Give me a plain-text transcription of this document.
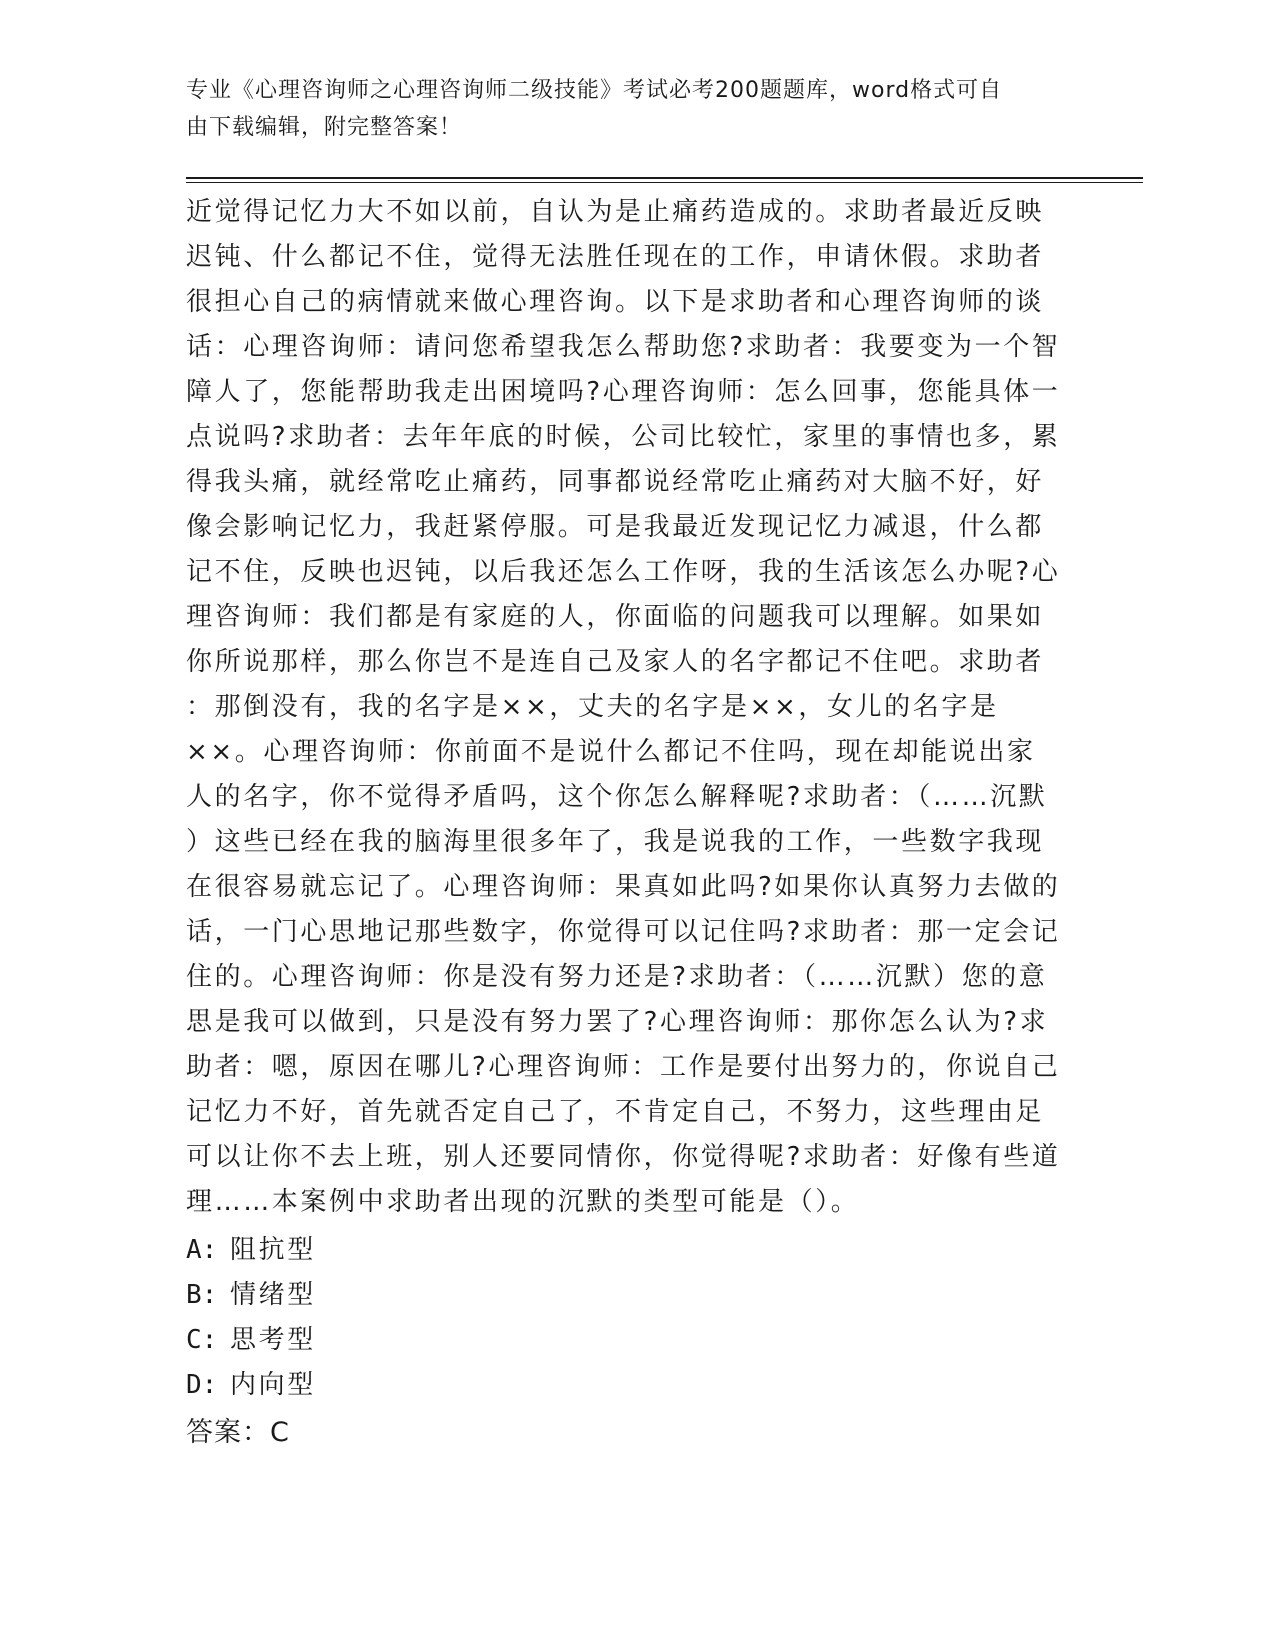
专业《心理咨询师之心理咨询师二级技能》考试必考200题题库，word格式可自
由下载编辑，附完整答案！
近觉得记忆力大不如以前，自认为是止痛药造成的。求助者最近反映
迟钝、什么都记不住，觉得无法胜任现在的工作，申请休假。求助者
很担心自己的病情就来做心理咨询。以下是求助者和心理咨询师的谈
话：心理咨询师：请问您希望我怎么帮助您?求助者：我要变为一个智
障人了，您能帮助我走出困境吗?心理咨询师：怎么回事，您能具体一
点说吗?求助者：去年年底的时候，公司比较忙，家里的事情也多，累
得我头痛，就经常吃止痛药，同事都说经常吃止痛药对大脑不好，好
像会影响记忆力，我赶紧停服。可是我最近发现记忆力减退，什么都
记不住，反映也迟钝，以后我还怎么工作呀，我的生活该怎么办呢?心
理咨询师：我们都是有家庭的人，你面临的问题我可以理解。如果如
你所说那样，那么你岂不是连自己及家人的名字都记不住吧。求助者
：那倒没有，我的名字是××，丈夫的名字是××，女儿的名字是
××。心理咨询师：你前面不是说什么都记不住吗，现在却能说出家
人的名字，你不觉得矛盾吗，这个你怎么解释呢?求助者：（……沉默
）这些已经在我的脑海里很多年了，我是说我的工作，一些数字我现
在很容易就忘记了。心理咨询师：果真如此吗?如果你认真努力去做的
话，一门心思地记那些数字，你觉得可以记住吗?求助者：那一定会记
住的。心理咨询师：你是没有努力还是?求助者：（……沉默）您的意
思是我可以做到，只是没有努力罢了?心理咨询师：那你怎么认为?求
助者：嗯，原因在哪儿?心理咨询师：工作是要付出努力的，你说自己
记忆力不好，首先就否定自己了，不肯定自己，不努力，这些理由足
可以让你不去上班，别人还要同情你，你觉得呢?求助者：好像有些道
理……本案例中求助者出现的沉默的类型可能是（）。
A: 阻抗型
B: 情绪型
C: 思考型
D: 内向型
答案：C
